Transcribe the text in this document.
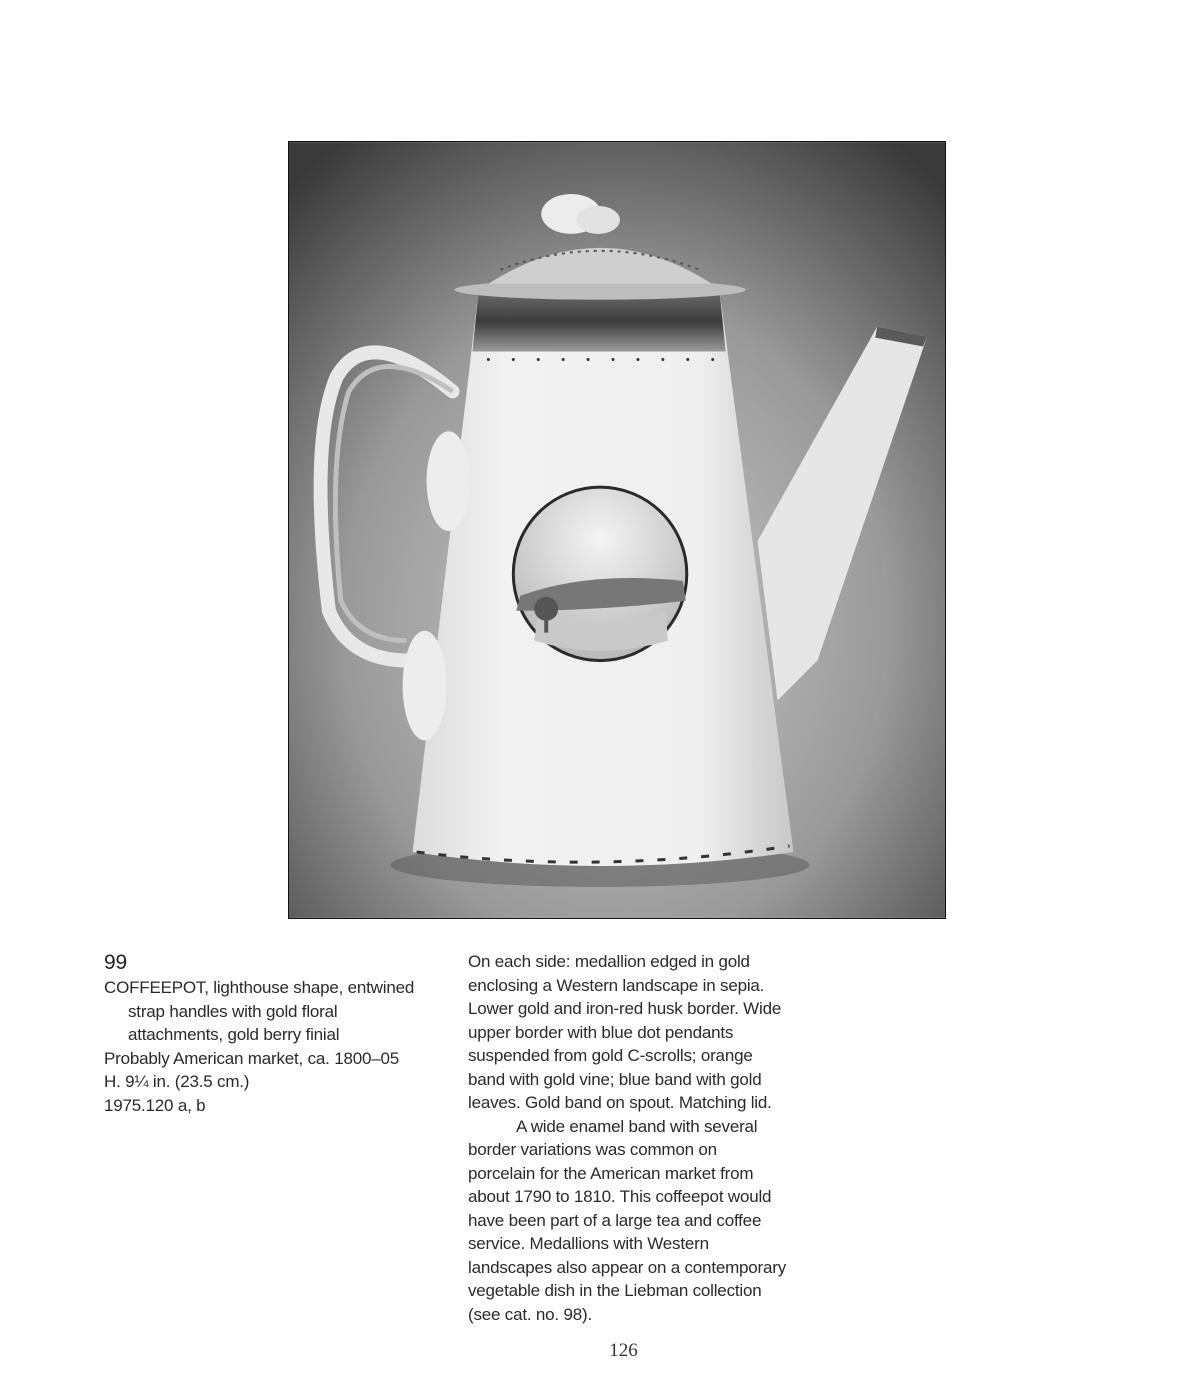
99

COFFEEPOT, lighthouse shape, entwined strap handles with gold floral attachments, gold berry finial

Probably American market, ca. 1800–05

H. 9¼ in. (23.5 cm.)

1975.120 a, b

On each side: medallion edged in gold enclosing a Western landscape in sepia. Lower gold and iron-red husk border. Wide upper border with blue dot pendants suspended from gold C-scrolls; orange band with gold vine; blue band with gold leaves. Gold band on spout. Matching lid.

A wide enamel band with several border variations was common on porcelain for the American market from about 1790 to 1810. This coffeepot would have been part of a large tea and coffee service. Medallions with Western landscapes also appear on a contemporary vegetable dish in the Liebman collection (see cat. no. 98).

126
